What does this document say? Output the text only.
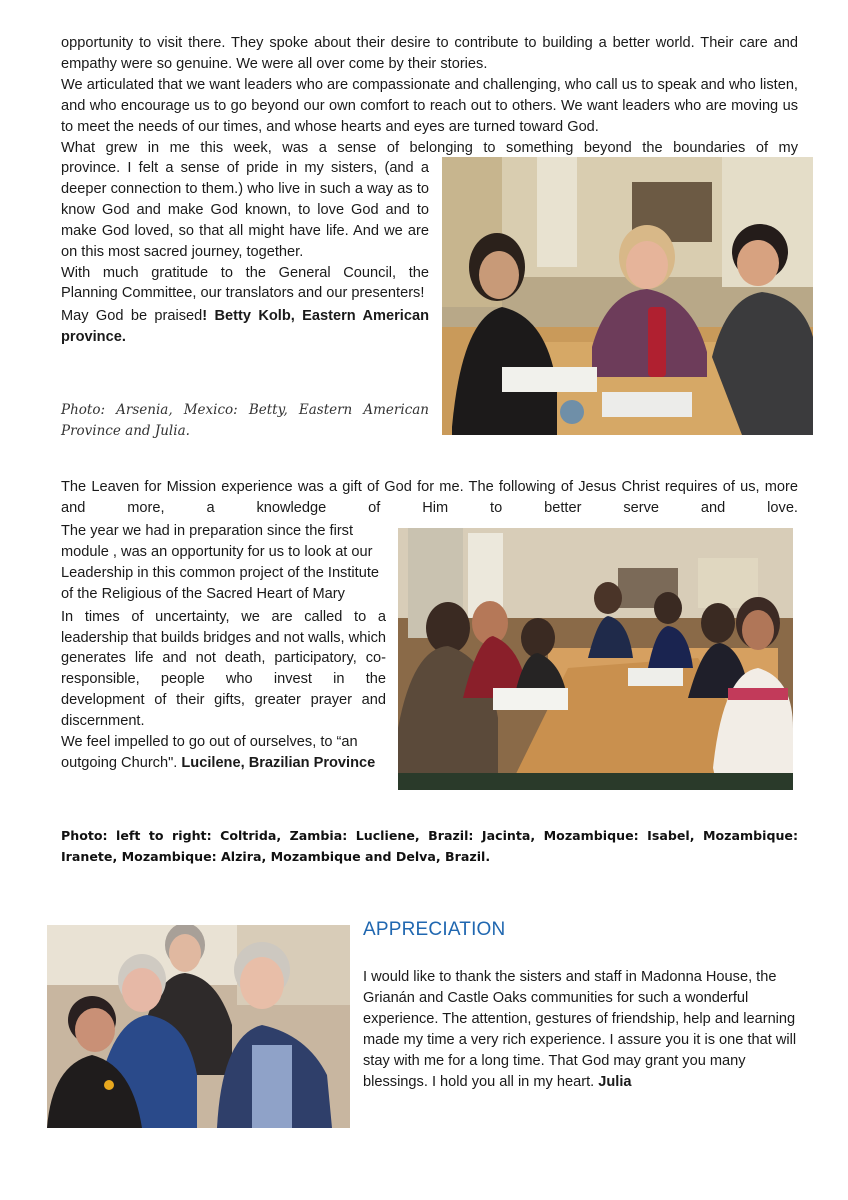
opportunity to visit there. They spoke about their desire to contribute to building a better world. Their care and empathy were so genuine. We were all over come by their stories.

We articulated that we want leaders who are compassionate and challenging, who call us to speak and who listen, and who encourage us to go beyond our own comfort to reach out to others. We want leaders who are moving us to meet the needs of our times, and whose hearts and eyes are turned toward God.

What grew in me this week, was a sense of belonging to something beyond the boundaries of my

province. I felt a sense of pride in my sisters, (and a deeper connection to them.) who live in such a way as to know God and make God known, to love God and to make God loved, so that all might have life. And we are on this most sacred journey, together.

With much gratitude to the General Council, the Planning Committee, our translators and our presenters!

May God be praised! Betty Kolb, Eastern American province.

Photo: Arsenia, Mexico: Betty, Eastern American Province and Julia.
The Leaven for Mission experience was a gift of God for me. The following of Jesus Christ requires of us, more and more, a knowledge of Him to better serve and love.

The year we had in preparation since the first module , was an opportunity for us to look at our Leadership in this common project of the Institute of the Religious of the Sacred Heart of Mary

In times of uncertainty, we are called to a leadership that builds bridges and not walls, which generates life and not death, participatory, co-responsible, people who invest in the development of their gifts, greater prayer and discernment.

We feel impelled to go out of ourselves, to “an outgoing Church". Lucilene, Brazilian Province

Photo: left to right: Coltrida, Zambia: Lucliene, Brazil: Jacinta, Mozambique: Isabel, Mozambique: Iranete, Mozambique: Alzira, Mozambique and Delva, Brazil.
APPRECIATION

I would like to thank the sisters and staff in Madonna House, the Grianán and Castle Oaks communities for such a wonderful experience. The attention, gestures of friendship, help and learning made my time a very rich experience. I assure you it is one that will stay with me for a long time. That God may grant you many blessings. I hold you all in my heart. Julia
